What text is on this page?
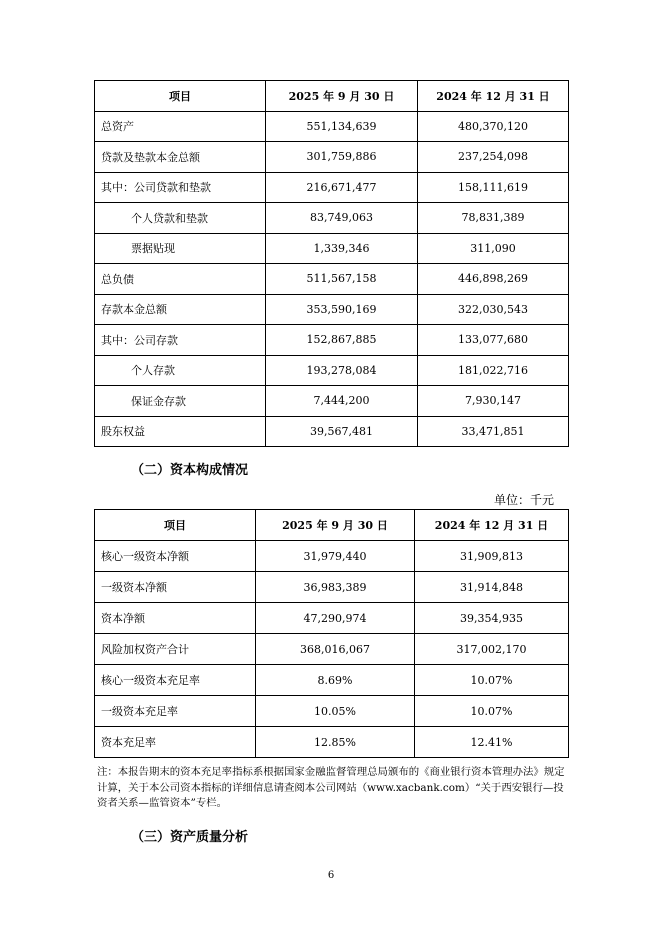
项目	2025 年 9 月 30 日	2024 年 12 月 31 日
总资产	551,134,639	480,370,120
贷款及垫款本金总额	301,759,886	237,254,098
其中：公司贷款和垫款	216,671,477	158,111,619
个人贷款和垫款	83,749,063	78,831,389
票据贴现	1,339,346	311,090
总负债	511,567,158	446,898,269
存款本金总额	353,590,169	322,030,543
其中：公司存款	152,867,885	133,077,680
个人存款	193,278,084	181,022,716
保证金存款	7,444,200	7,930,147
股东权益	39,567,481	33,471,851
（二）资本构成情况
单位：千元
项目	2025 年 9 月 30 日	2024 年 12 月 31 日
核心一级资本净额	31,979,440	31,909,813
一级资本净额	36,983,389	31,914,848
资本净额	47,290,974	39,354,935
风险加权资产合计	368,016,067	317,002,170
核心一级资本充足率	8.69%	10.07%
一级资本充足率	10.05%	10.07%
资本充足率	12.85%	12.41%
注：本报告期末的资本充足率指标系根据国家金融监督管理总局颁布的《商业银行资本管理办法》规定计算，关于本公司资本指标的详细信息请查阅本公司网站（www.xacbank.com）“关于西安银行—投资者关系—监管资本”专栏。
（三）资产质量分析
6
